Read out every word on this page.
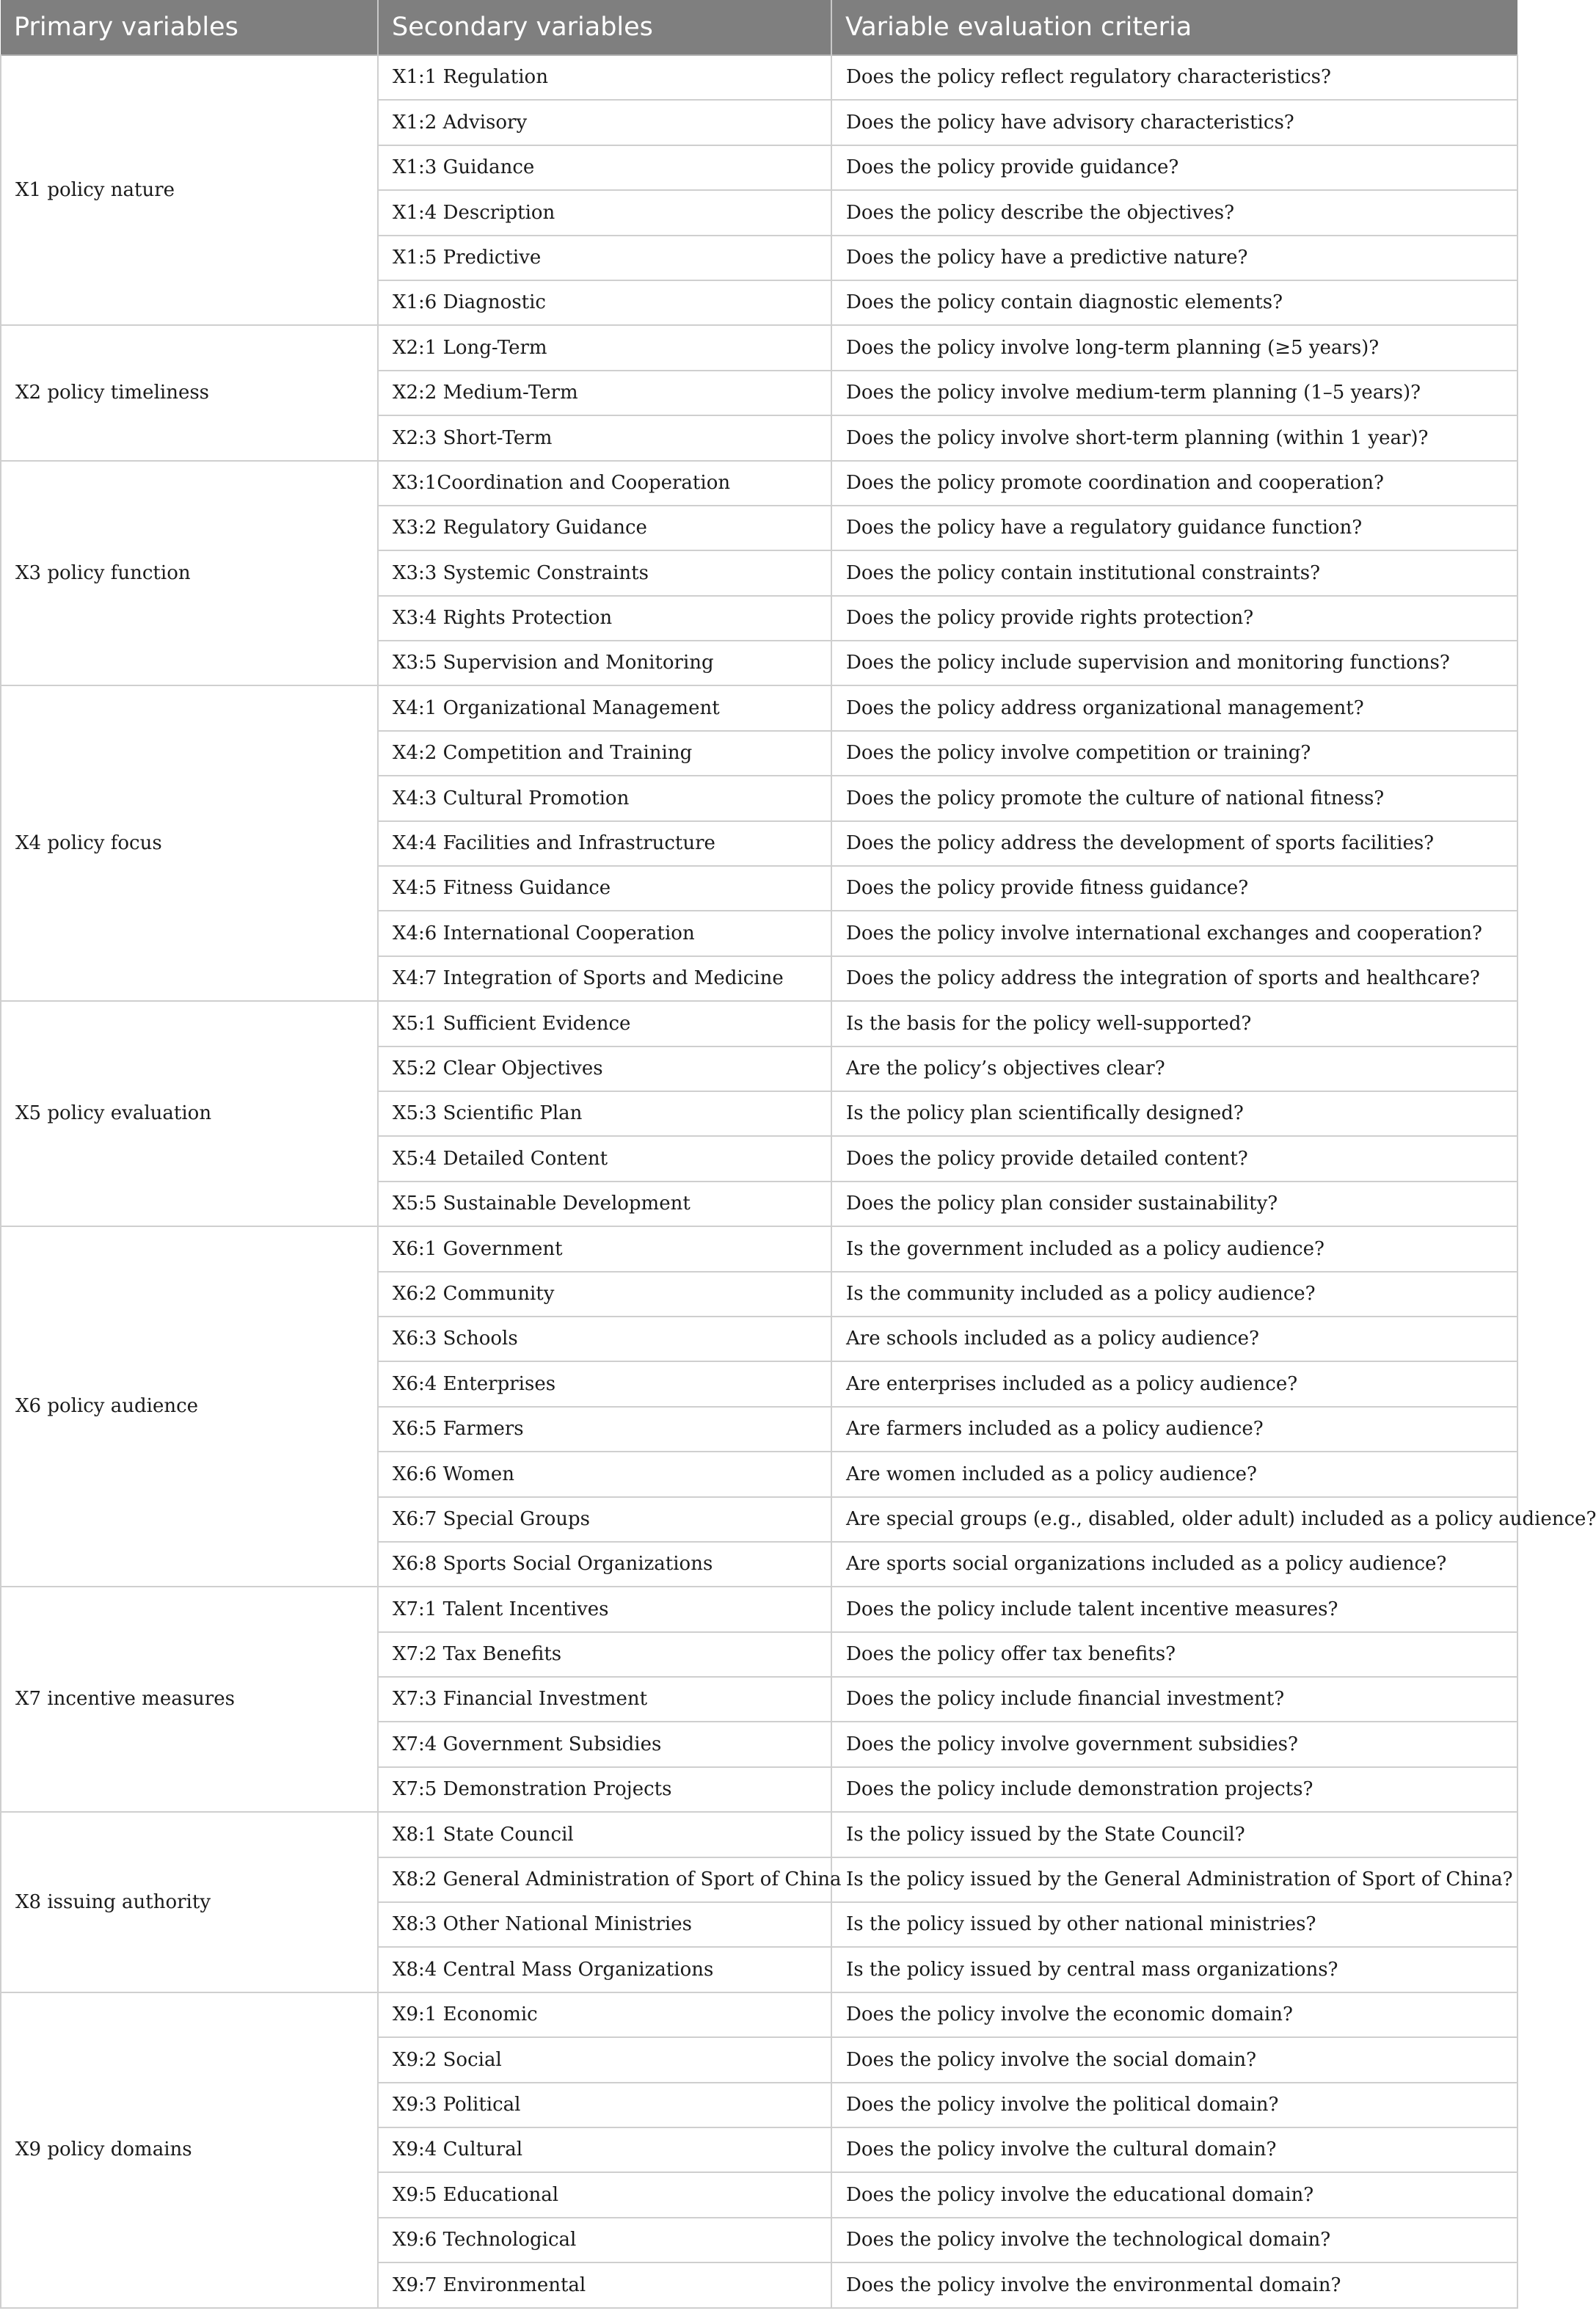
Primary variables	Secondary variables	Variable evaluation criteria
X1 policy nature	X1:1 Regulation	Does the policy reflect regulatory characteristics?
	X1:2 Advisory	Does the policy have advisory characteristics?
	X1:3 Guidance	Does the policy provide guidance?
	X1:4 Description	Does the policy describe the objectives?
	X1:5 Predictive	Does the policy have a predictive nature?
	X1:6 Diagnostic	Does the policy contain diagnostic elements?
X2 policy timeliness	X2:1 Long-Term	Does the policy involve long-term planning (≥5 years)?
	X2:2 Medium-Term	Does the policy involve medium-term planning (1–5 years)?
	X2:3 Short-Term	Does the policy involve short-term planning (within 1 year)?
X3 policy function	X3:1Coordination and Cooperation	Does the policy promote coordination and cooperation?
	X3:2 Regulatory Guidance	Does the policy have a regulatory guidance function?
	X3:3 Systemic Constraints	Does the policy contain institutional constraints?
	X3:4 Rights Protection	Does the policy provide rights protection?
	X3:5 Supervision and Monitoring	Does the policy include supervision and monitoring functions?
X4 policy focus	X4:1 Organizational Management	Does the policy address organizational management?
	X4:2 Competition and Training	Does the policy involve competition or training?
	X4:3 Cultural Promotion	Does the policy promote the culture of national fitness?
	X4:4 Facilities and Infrastructure	Does the policy address the development of sports facilities?
	X4:5 Fitness Guidance	Does the policy provide fitness guidance?
	X4:6 International Cooperation	Does the policy involve international exchanges and cooperation?
	X4:7 Integration of Sports and Medicine	Does the policy address the integration of sports and healthcare?
X5 policy evaluation	X5:1 Sufficient Evidence	Is the basis for the policy well-supported?
	X5:2 Clear Objectives	Are the policy’s objectives clear?
	X5:3 Scientific Plan	Is the policy plan scientifically designed?
	X5:4 Detailed Content	Does the policy provide detailed content?
	X5:5 Sustainable Development	Does the policy plan consider sustainability?
X6 policy audience	X6:1 Government	Is the government included as a policy audience?
	X6:2 Community	Is the community included as a policy audience?
	X6:3 Schools	Are schools included as a policy audience?
	X6:4 Enterprises	Are enterprises included as a policy audience?
	X6:5 Farmers	Are farmers included as a policy audience?
	X6:6 Women	Are women included as a policy audience?
	X6:7 Special Groups	Are special groups (e.g., disabled, older adult) included as a policy audience?
	X6:8 Sports Social Organizations	Are sports social organizations included as a policy audience?
X7 incentive measures	X7:1 Talent Incentives	Does the policy include talent incentive measures?
	X7:2 Tax Benefits	Does the policy offer tax benefits?
	X7:3 Financial Investment	Does the policy include financial investment?
	X7:4 Government Subsidies	Does the policy involve government subsidies?
	X7:5 Demonstration Projects	Does the policy include demonstration projects?
X8 issuing authority	X8:1 State Council	Is the policy issued by the State Council?
	X8:2 General Administration of Sport of China	Is the policy issued by the General Administration of Sport of China?
	X8:3 Other National Ministries	Is the policy issued by other national ministries?
	X8:4 Central Mass Organizations	Is the policy issued by central mass organizations?
X9 policy domains	X9:1 Economic	Does the policy involve the economic domain?
	X9:2 Social	Does the policy involve the social domain?
	X9:3 Political	Does the policy involve the political domain?
	X9:4 Cultural	Does the policy involve the cultural domain?
	X9:5 Educational	Does the policy involve the educational domain?
	X9:6 Technological	Does the policy involve the technological domain?
	X9:7 Environmental	Does the policy involve the environmental domain?
